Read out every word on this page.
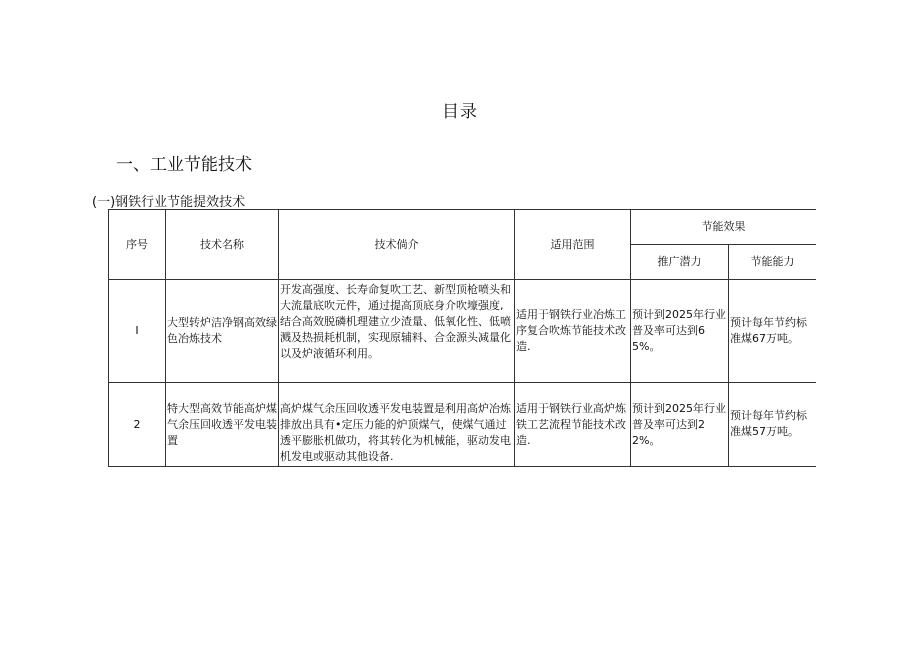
目录
一、工业节能技术
(一)钢铁行业节能提效技术
序号	技术名称	技术倘介	适用范围	节能效果	
				推广潜力	节能能力
I	大型转炉洁净钢高效绿色冶炼技术	开发高强度、长寿命复吹工艺、新型顶枪喷头和大流量底吹元件，通过提高顶底身介吹壕强度,结合高效脱磷机理建立少渣量、低氧化性、低喷溅及热损耗机制，实现原辅料、合金源头减量化以及炉液循环利用。	适用于钢铁行业冶炼工序复合吹炼节能技术改造.	预计到2025年行业普及率可达到65%。	预计每年节约标准煤67万吨。

2	特大型高效节能高炉煤气余压回收透平发电装置	高炉煤气余压回收透平发电装置是利用高炉冶炼排放出具有•定压力能的炉顶煤气，使煤气通过透平膨胀机做功，将其转化为机械能，驱动发电机发电或驱动其他设备.	适用于钢铁行业高炉炼铁工艺流程节能技术改造.	预计到2025年行业普及率可达到22%。	预计每年节约标准煤57万吨。
